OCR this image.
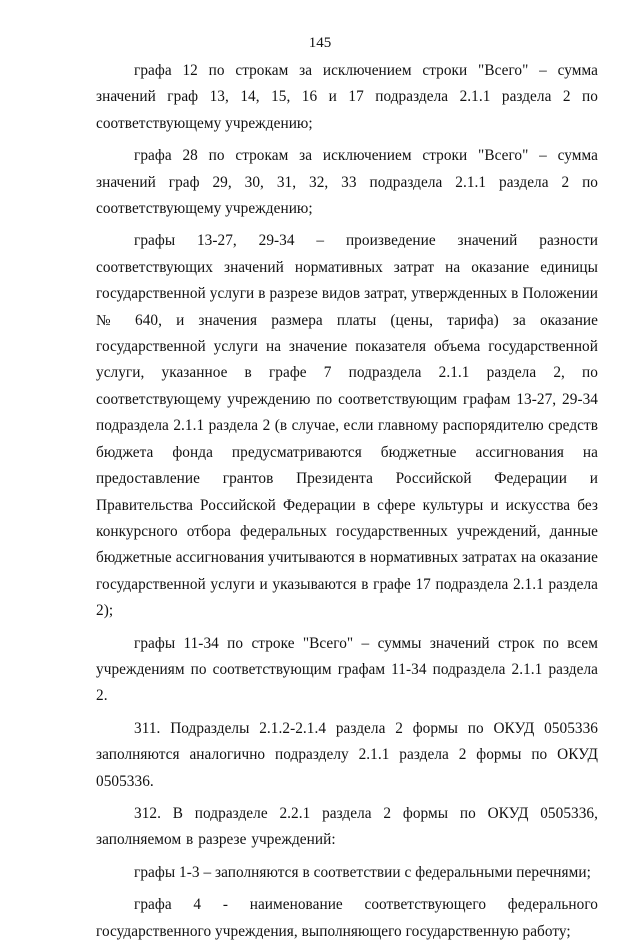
145

графа 12 по строкам за исключением строки "Всего" – сумма значений граф 13, 14, 15, 16 и 17 подраздела 2.1.1 раздела 2 по соответствующему учреждению;

графа 28 по строкам за исключением строки "Всего" – сумма значений граф 29, 30, 31, 32, 33 подраздела 2.1.1 раздела 2 по соответствующему учреждению;

графы 13-27, 29-34 – произведение значений разности соответствующих значений нормативных затрат на оказание единицы государственной услуги в разрезе видов затрат, утвержденных в Положении № 640, и значения размера платы (цены, тарифа) за оказание государственной услуги на значение показателя объема государственной услуги, указанное в графе 7 подраздела 2.1.1 раздела 2, по соответствующему учреждению по соответствующим графам 13-27, 29-34 подраздела 2.1.1 раздела 2 (в случае, если главному распорядителю средств бюджета фонда предусматриваются бюджетные ассигнования на предоставление грантов Президента Российской Федерации и Правительства Российской Федерации в сфере культуры и искусства без конкурсного отбора федеральных государственных учреждений, данные бюджетные ассигнования учитываются в нормативных затратах на оказание государственной услуги и указываются в графе 17 подраздела 2.1.1 раздела 2);

графы 11-34 по строке "Всего" – суммы значений строк по всем учреждениям по соответствующим графам 11-34 подраздела 2.1.1 раздела 2.

311. Подразделы 2.1.2-2.1.4 раздела 2 формы по ОКУД 0505336 заполняются аналогично подразделу 2.1.1 раздела 2 формы по ОКУД 0505336.

312. В подразделе 2.2.1 раздела 2 формы по ОКУД 0505336, заполняемом в разрезе учреждений:

графы 1-3 – заполняются в соответствии с федеральными перечнями;

графа 4 - наименование соответствующего федерального государственного учреждения, выполняющего государственную работу;
